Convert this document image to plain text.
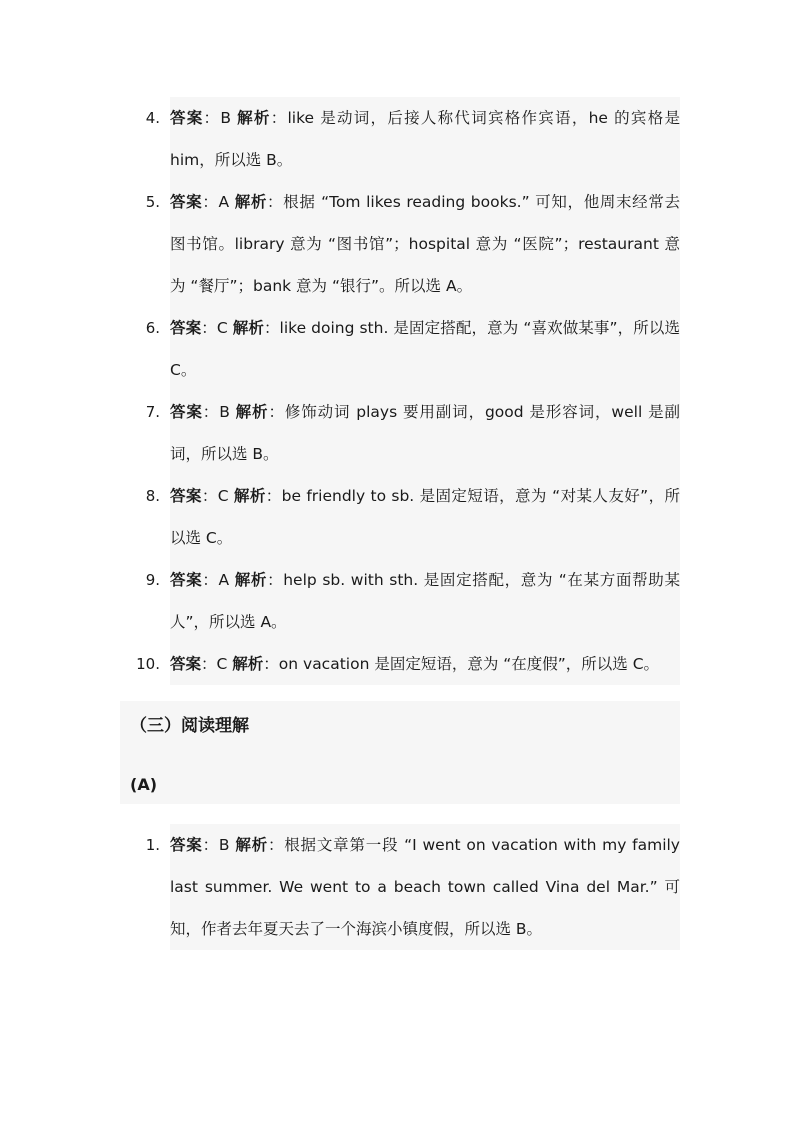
4. 答案：B 解析：like 是动词，后接人称代词宾格作宾语，he 的宾格是 him，所以选 B。
5. 答案：A 解析：根据 “Tom likes reading books.” 可知，他周末经常去图书馆。library 意为 “图书馆”；hospital 意为 “医院”；restaurant 意为 “餐厅”；bank 意为 “银行”。所以选 A。
6. 答案：C 解析：like doing sth. 是固定搭配，意为 “喜欢做某事”，所以选 C。
7. 答案：B 解析：修饰动词 plays 要用副词，good 是形容词，well 是副词，所以选 B。
8. 答案：C 解析：be friendly to sb. 是固定短语，意为 “对某人友好”，所以选 C。
9. 答案：A 解析：help sb. with sth. 是固定搭配，意为 “在某方面帮助某人”，所以选 A。
10. 答案：C 解析：on vacation 是固定短语，意为 “在度假”，所以选 C。
（三）阅读理解
(A)
1. 答案：B 解析：根据文章第一段 “I went on vacation with my family last summer. We went to a beach town called Vina del Mar.” 可知，作者去年夏天去了一个海滨小镇度假，所以选 B。
